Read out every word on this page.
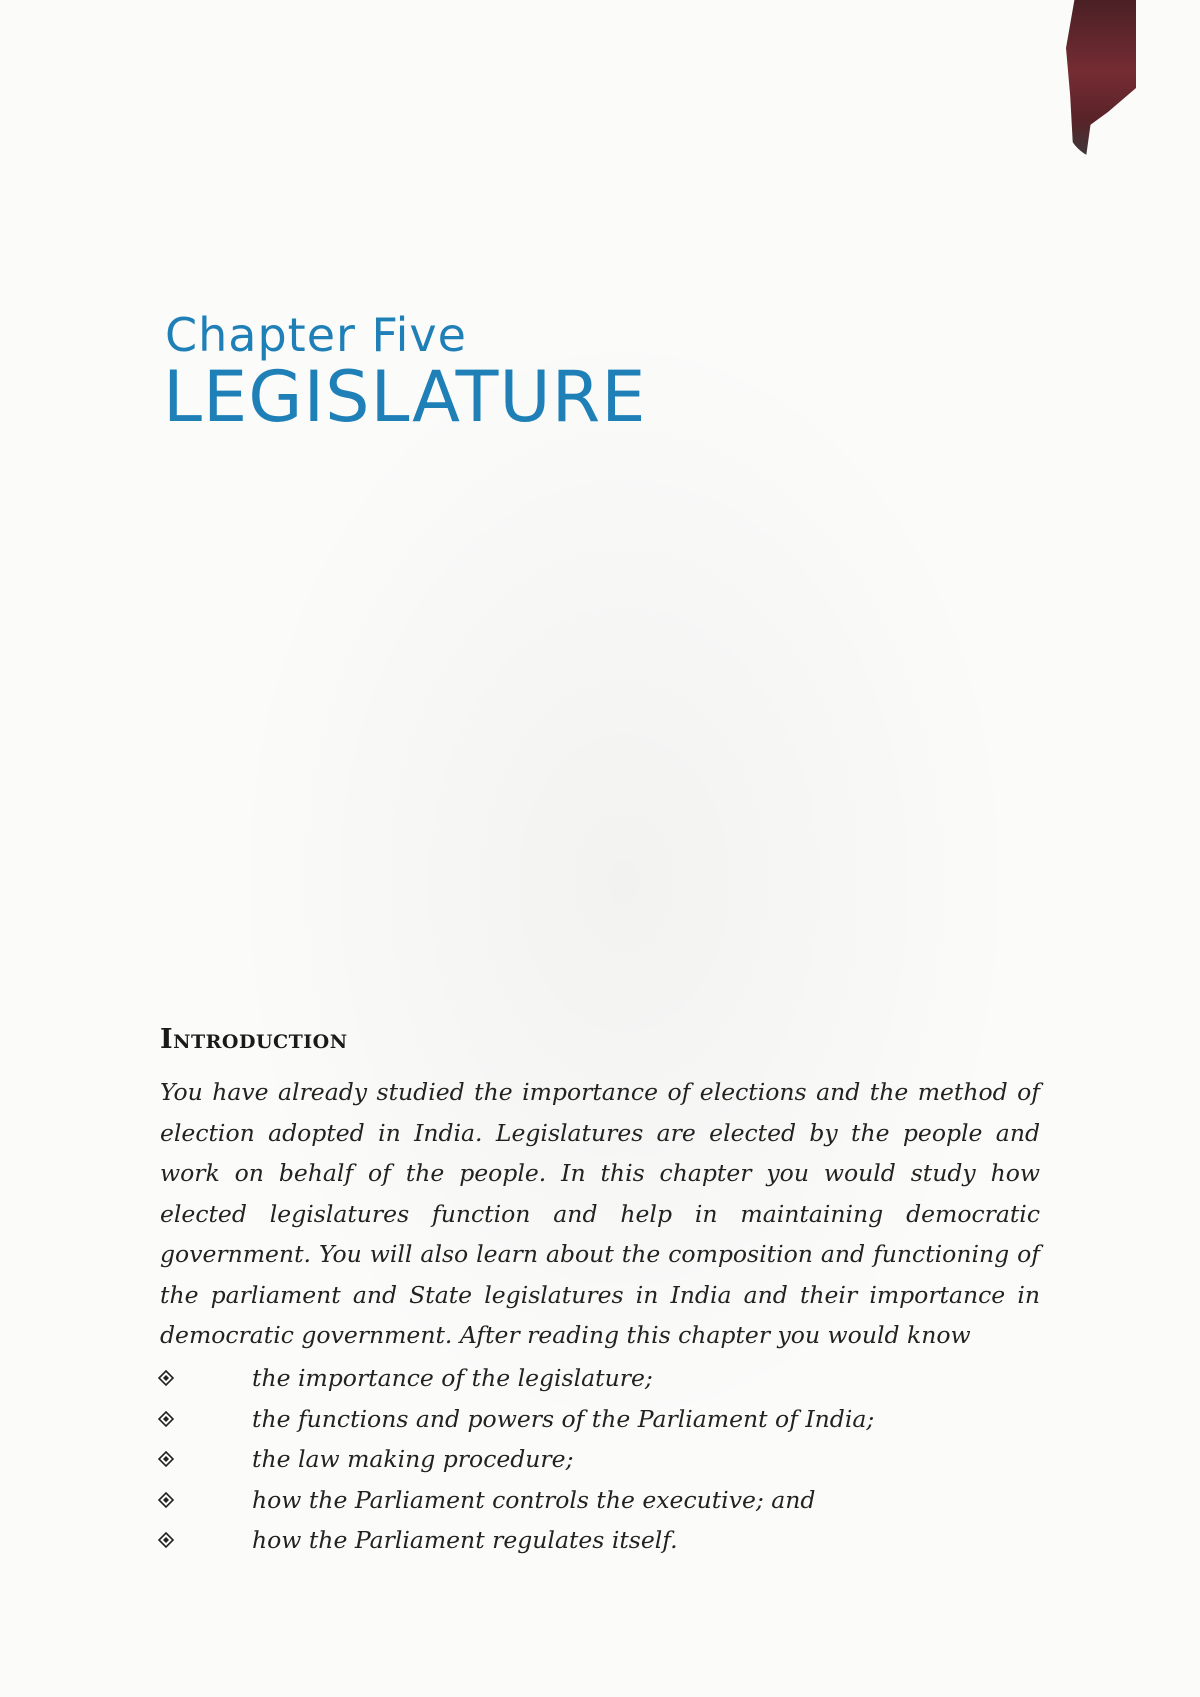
Chapter Five
LEGISLATURE
Introduction

You have already studied the importance of elections and the method of election adopted in India. Legislatures are elected by the people and work on behalf of the people. In this chapter you would study how elected legislatures function and help in maintaining democratic government. You will also learn about the composition and functioning of the parliament and State legislatures in India and their importance in democratic government. After reading this chapter you would know

the importance of the legislature;
the functions and powers of the Parliament of India;
the law making procedure;
how the Parliament controls the executive; and
how the Parliament regulates itself.
